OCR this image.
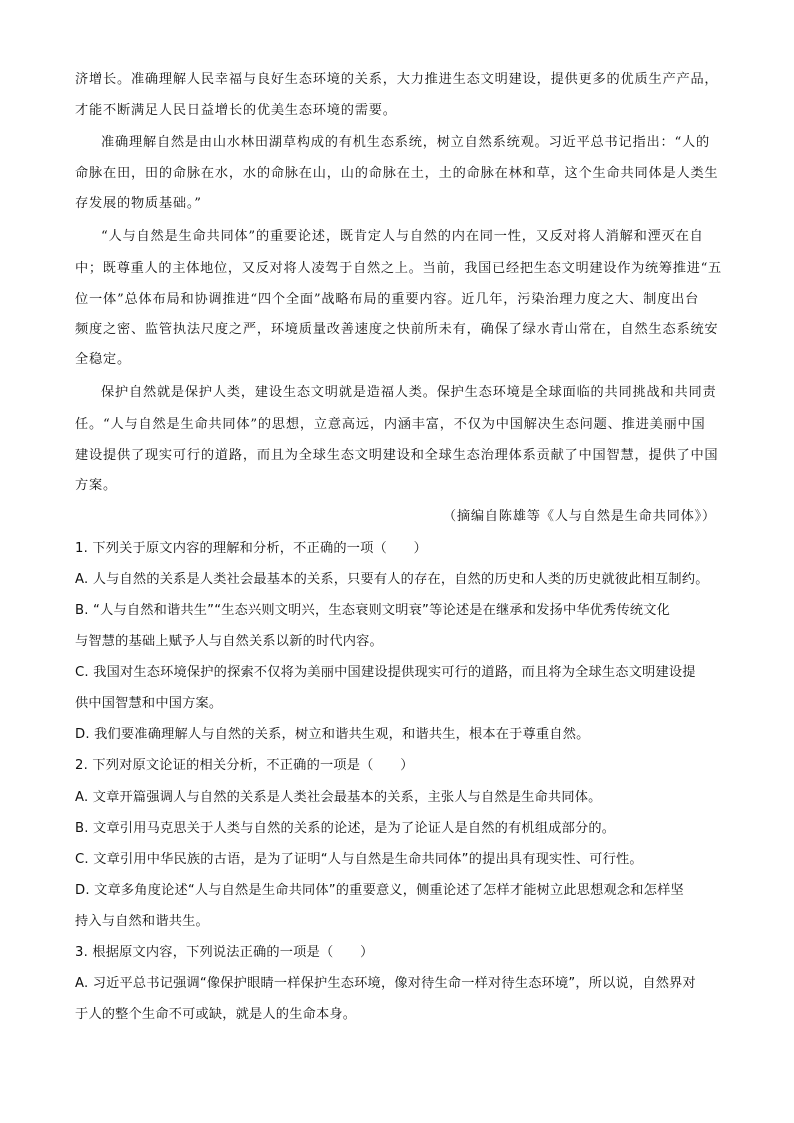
济增长。准确理解人民幸福与良好生态环境的关系，大力推进生态文明建设，提供更多的优质生产产品，
才能不断满足人民日益增长的优美生态环境的需要。
准确理解自然是由山水林田湖草构成的有机生态系统，树立自然系统观。习近平总书记指出：“人的
命脉在田，田的命脉在水，水的命脉在山，山的命脉在土，土的命脉在林和草，这个生命共同体是人类生
存发展的物质基础。”
“人与自然是生命共同体”的重要论述，既肯定人与自然的内在同一性，又反对将人消解和湮灭在自
中；既尊重人的主体地位，又反对将人凌驾于自然之上。当前，我国已经把生态文明建设作为统筹推进“五
位一体”总体布局和协调推进“四个全面”战略布局的重要内容。近几年，污染治理力度之大、制度出台
频度之密、监管执法尺度之严，环境质量改善速度之快前所未有，确保了绿水青山常在，自然生态系统安
全稳定。
保护自然就是保护人类，建设生态文明就是造福人类。保护生态环境是全球面临的共同挑战和共同责
任。“人与自然是生命共同体”的思想，立意高远，内涵丰富，不仅为中国解决生态问题、推进美丽中国
建设提供了现实可行的道路，而且为全球生态文明建设和全球生态治理体系贡献了中国智慧，提供了中国
方案。
（摘编自陈雄等《人与自然是生命共同体》）
1. 下列关于原文内容的理解和分析，不正确的一项（　　）
A. 人与自然的关系是人类社会最基本的关系，只要有人的存在，自然的历史和人类的历史就彼此相互制约。
B. “人与自然和谐共生”“生态兴则文明兴，生态衰则文明衰”等论述是在继承和发扬中华优秀传统文化
与智慧的基础上赋予人与自然关系以新的时代内容。
C. 我国对生态环境保护的探索不仅将为美丽中国建设提供现实可行的道路，而且将为全球生态文明建设提
供中国智慧和中国方案。
D. 我们要准确理解人与自然的关系，树立和谐共生观，和谐共生，根本在于尊重自然。
2. 下列对原文论证的相关分析，不正确的一项是（　　）
A. 文章开篇强调人与自然的关系是人类社会最基本的关系，主张人与自然是生命共同体。
B. 文章引用马克思关于人类与自然的关系的论述，是为了论证人是自然的有机组成部分的。
C. 文章引用中华民族的古语，是为了证明“人与自然是生命共同体”的提出具有现实性、可行性。
D. 文章多角度论述“人与自然是生命共同体”的重要意义，侧重论述了怎样才能树立此思想观念和怎样坚
持入与自然和谐共生。
3. 根据原文内容，下列说法正确的一项是（　　）
A. 习近平总书记强调“像保护眼睛一样保护生态环境，像对待生命一样对待生态环境”，所以说，自然界对
于人的整个生命不可或缺，就是人的生命本身。
